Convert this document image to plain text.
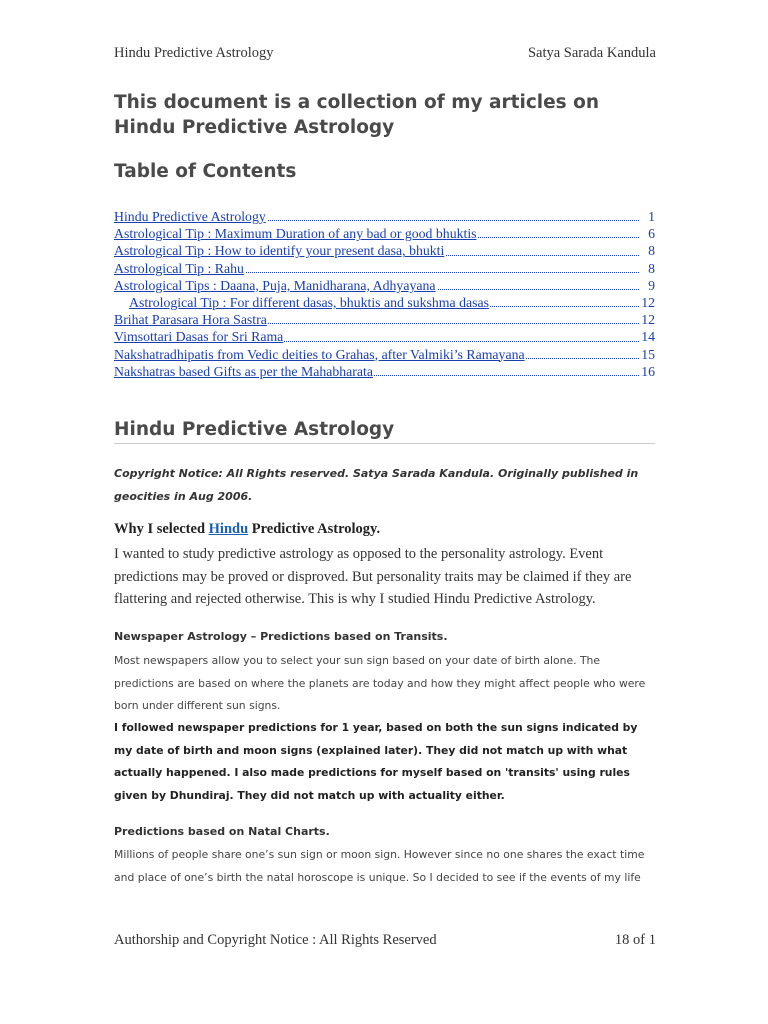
Hindu Predictive Astrology	Satya Sarada Kandula
This document is a collection of my articles on Hindu Predictive Astrology
Table of Contents
Hindu Predictive Astrology	1
Astrological Tip : Maximum Duration of any bad or good bhuktis	6
Astrological Tip : How to identify your present dasa, bhukti	8
Astrological Tip : Rahu	8
Astrological Tips : Daana, Puja, Manidharana, Adhyayana	9
Astrological Tip : For different dasas, bhuktis and sukshma dasas	12
Brihat Parasara Hora Sastra	12
Vimsottari Dasas for Sri Rama	14
Nakshatradhipatis from Vedic deities to Grahas, after Valmiki’s Ramayana	15
Nakshatras based Gifts as per the Mahabharata	16
Hindu Predictive Astrology
Copyright Notice: All Rights reserved. Satya Sarada Kandula. Originally published in geocities in Aug 2006.
Why I selected Hindu Predictive Astrology.
I wanted to study predictive astrology as opposed to the personality astrology. Event predictions may be proved or disproved. But personality traits may be claimed if they are flattering and rejected otherwise. This is why I studied Hindu Predictive Astrology.
Newspaper Astrology – Predictions based on Transits.
Most newspapers allow you to select your sun sign based on your date of birth alone. The predictions are based on where the planets are today and how they might affect people who were born under different sun signs.
I followed newspaper predictions for 1 year, based on both the sun signs indicated by my date of birth and moon signs (explained later). They did not match up with what actually happened. I also made predictions for myself based on 'transits' using rules given by Dhundiraj. They did not match up with actuality either.
Predictions based on Natal Charts.
Millions of people share one’s sun sign or moon sign. However since no one shares the exact time and place of one’s birth the natal horoscope is unique. So I decided to see if the events of my life
Authorship and Copyright Notice : All Rights Reserved	18 of 1
